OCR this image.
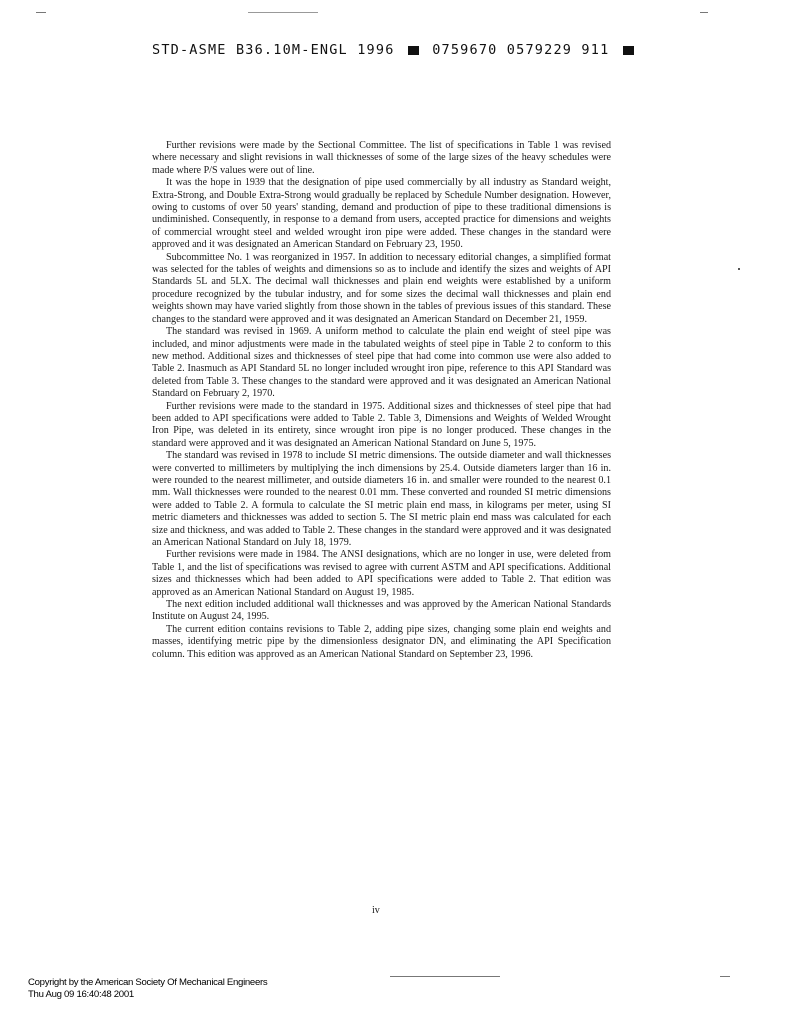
STD-ASME B36.10M-ENGL 1996	0759670 0579229 911

Further revisions were made by the Sectional Committee. The list of specifications in Table 1 was revised where necessary and slight revisions in wall thicknesses of some of the large sizes of the heavy schedules were made where P/S values were out of line.

It was the hope in 1939 that the designation of pipe used commercially by all industry as Standard weight, Extra-Strong, and Double Extra-Strong would gradually be replaced by Schedule Number designation. However, owing to customs of over 50 years' standing, demand and production of pipe to these traditional dimensions is undiminished. Consequently, in response to a demand from users, accepted practice for dimensions and weights of commercial wrought steel and welded wrought iron pipe were added. These changes in the standard were approved and it was designated an American Standard on February 23, 1950.

Subcommittee No. 1 was reorganized in 1957. In addition to necessary editorial changes, a simplified format was selected for the tables of weights and dimensions so as to include and identify the sizes and weights of API Standards 5L and 5LX. The decimal wall thicknesses and plain end weights were established by a uniform procedure recognized by the tubular industry, and for some sizes the decimal wall thicknesses and plain end weights shown may have varied slightly from those shown in the tables of previous issues of this standard. These changes to the standard were approved and it was designated an American Standard on December 21, 1959.

The standard was revised in 1969. A uniform method to calculate the plain end weight of steel pipe was included, and minor adjustments were made in the tabulated weights of steel pipe in Table 2 to conform to this new method. Additional sizes and thicknesses of steel pipe that had come into common use were also added to Table 2. Inasmuch as API Standard 5L no longer included wrought iron pipe, reference to this API Standard was deleted from Table 3. These changes to the standard were approved and it was designated an American National Standard on February 2, 1970.

Further revisions were made to the standard in 1975. Additional sizes and thicknesses of steel pipe that had been added to API specifications were added to Table 2. Table 3, Dimensions and Weights of Welded Wrought Iron Pipe, was deleted in its entirety, since wrought iron pipe is no longer produced. These changes in the standard were approved and it was designated an American National Standard on June 5, 1975.

The standard was revised in 1978 to include SI metric dimensions. The outside diameter and wall thicknesses were converted to millimeters by multiplying the inch dimensions by 25.4. Outside diameters larger than 16 in. were rounded to the nearest millimeter, and outside diameters 16 in. and smaller were rounded to the nearest 0.1 mm. Wall thicknesses were rounded to the nearest 0.01 mm. These converted and rounded SI metric dimensions were added to Table 2. A formula to calculate the SI metric plain end mass, in kilograms per meter, using SI metric diameters and thicknesses was added to section 5. The SI metric plain end mass was calculated for each size and thickness, and was added to Table 2. These changes in the standard were approved and it was designated an American National Standard on July 18, 1979.

Further revisions were made in 1984. The ANSI designations, which are no longer in use, were deleted from Table 1, and the list of specifications was revised to agree with current ASTM and API specifications. Additional sizes and thicknesses which had been added to API specifications were added to Table 2. That edition was approved as an American National Standard on August 19, 1985.

The next edition included additional wall thicknesses and was approved by the American National Standards Institute on August 24, 1995.

The current edition contains revisions to Table 2, adding pipe sizes, changing some plain end weights and masses, identifying metric pipe by the dimensionless designator DN, and eliminating the API Specification column. This edition was approved as an American National Standard on September 23, 1996.

iv
Copyright by the American Society Of Mechanical Engineers
Thu Aug 09 16:40:48 2001
